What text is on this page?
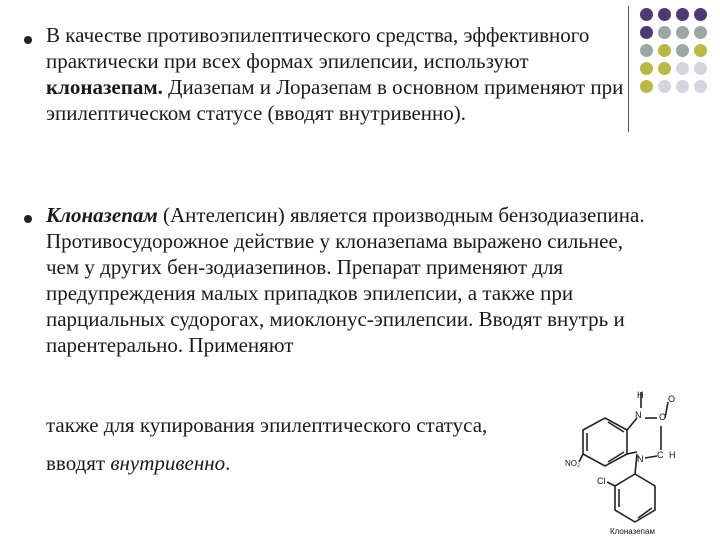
В качестве противоэпилептического средства, эффективного практически при всех формах эпилепсии, используют клоназепам. Диазепам и Лоразепам в основном применяют при эпилептическом статусе (вводят внутривенно).
Клоназепам (Антелепсин) является производным бензодиазепина. Противосудорожное действие у клоназепама выражено сильнее, чем у других бен-зодиазепинов. Препарат применяют для предупреждения малых припадков эпилепсии, а также при парциальных судорогах, миоклонус-эпилепсии. Вводят внутрь и парентерально. Применяют
также для купирования эпилептического статуса,
вводят внутривенно.
H
N C
O
C H
N
NO₂
Cl
Клоназепам
